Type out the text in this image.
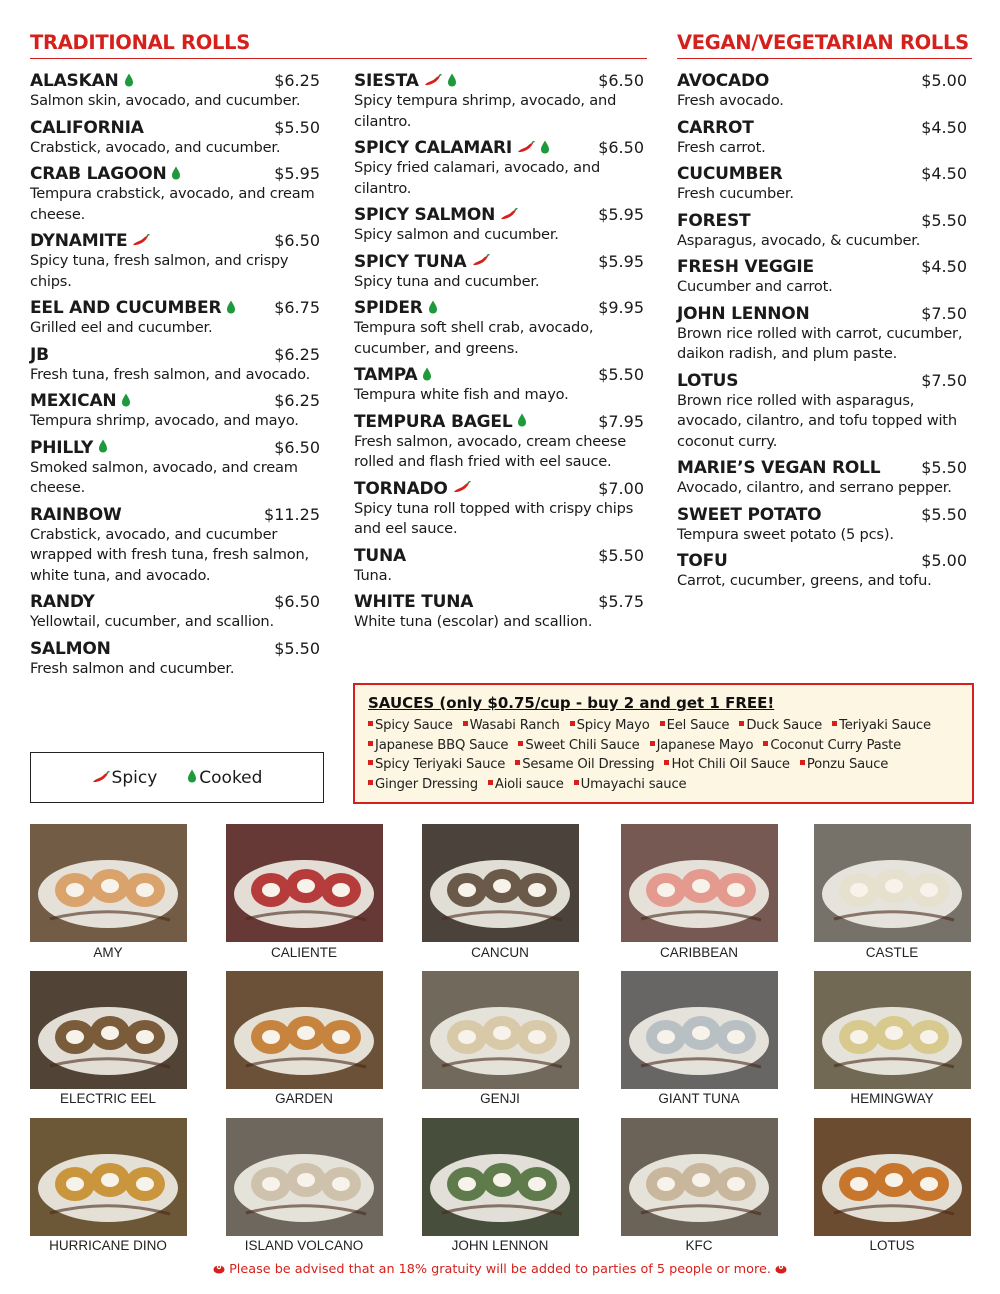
TRADITIONAL ROLLS	VEGAN/VEGETARIAN ROLLS
ALASKAN	$6.25
Salmon skin, avocado, and cucumber.
CALIFORNIA	$5.50
Crabstick, avocado, and cucumber.
CRAB LAGOON	$5.95
Tempura crabstick, avocado, and cream cheese.
DYNAMITE	$6.50
Spicy tuna, fresh salmon, and crispy chips.
EEL AND CUCUMBER	$6.75
Grilled eel and cucumber.
JB	$6.25
Fresh tuna, fresh salmon, and avocado.
MEXICAN	$6.25
Tempura shrimp, avocado, and mayo.
PHILLY	$6.50
Smoked salmon, avocado, and cream cheese.
RAINBOW	$11.25
Crabstick, avocado, and cucumber wrapped with fresh tuna, fresh salmon, white tuna, and avocado.
RANDY	$6.50
Yellowtail, cucumber, and scallion.
SALMON	$5.50
Fresh salmon and cucumber.
SIESTA	$6.50
Spicy tempura shrimp, avocado, and cilantro.
SPICY CALAMARI	$6.50
Spicy fried calamari, avocado, and cilantro.
SPICY SALMON	$5.95
Spicy salmon and cucumber.
SPICY TUNA	$5.95
Spicy tuna and cucumber.
SPIDER	$9.95
Tempura soft shell crab, avocado, cucumber, and greens.
TAMPA	$5.50
Tempura white fish and mayo.
TEMPURA BAGEL	$7.95
Fresh salmon, avocado, cream cheese rolled and flash fried with eel sauce.
TORNADO	$7.00
Spicy tuna roll topped with crispy chips and eel sauce.
TUNA	$5.50
Tuna.
WHITE TUNA	$5.75
White tuna (escolar) and scallion.
AVOCADO	$5.00
Fresh avocado.
CARROT	$4.50
Fresh carrot.
CUCUMBER	$4.50
Fresh cucumber.
FOREST	$5.50
Asparagus, avocado, & cucumber.
FRESH VEGGIE	$4.50
Cucumber and carrot.
JOHN LENNON	$7.50
Brown rice rolled with carrot, cucumber, daikon radish, and plum paste.
LOTUS	$7.50
Brown rice rolled with asparagus, avocado, cilantro, and tofu topped with coconut curry.
MARIE’S VEGAN ROLL	$5.50
Avocado, cilantro, and serrano pepper.
SWEET POTATO	$5.50
Tempura sweet potato (5 pcs).
TOFU	$5.00
Carrot, cucumber, greens, and tofu.
Spicy Cooked
SAUCES (only $0.75/cup - buy 2 and get 1 FREE!
Spicy Sauce Wasabi Ranch Spicy Mayo Eel Sauce Duck Sauce Teriyaki Sauce Japanese BBQ Sauce Sweet Chili Sauce Japanese Mayo Coconut Curry Paste Spicy Teriyaki Sauce Sesame Oil Dressing Hot Chili Oil Sauce Ponzu Sauce Ginger Dressing Aioli sauce Umayachi sauce
AMY	CALIENTE	CANCUN	CARIBBEAN	CASTLE
ELECTRIC EEL	GARDEN	GENJI	GIANT TUNA	HEMINGWAY
HURRICANE DINO	ISLAND VOLCANO	JOHN LENNON	KFC	LOTUS
Please be advised that an 18% gratuity will be added to parties of 5 people or more.
